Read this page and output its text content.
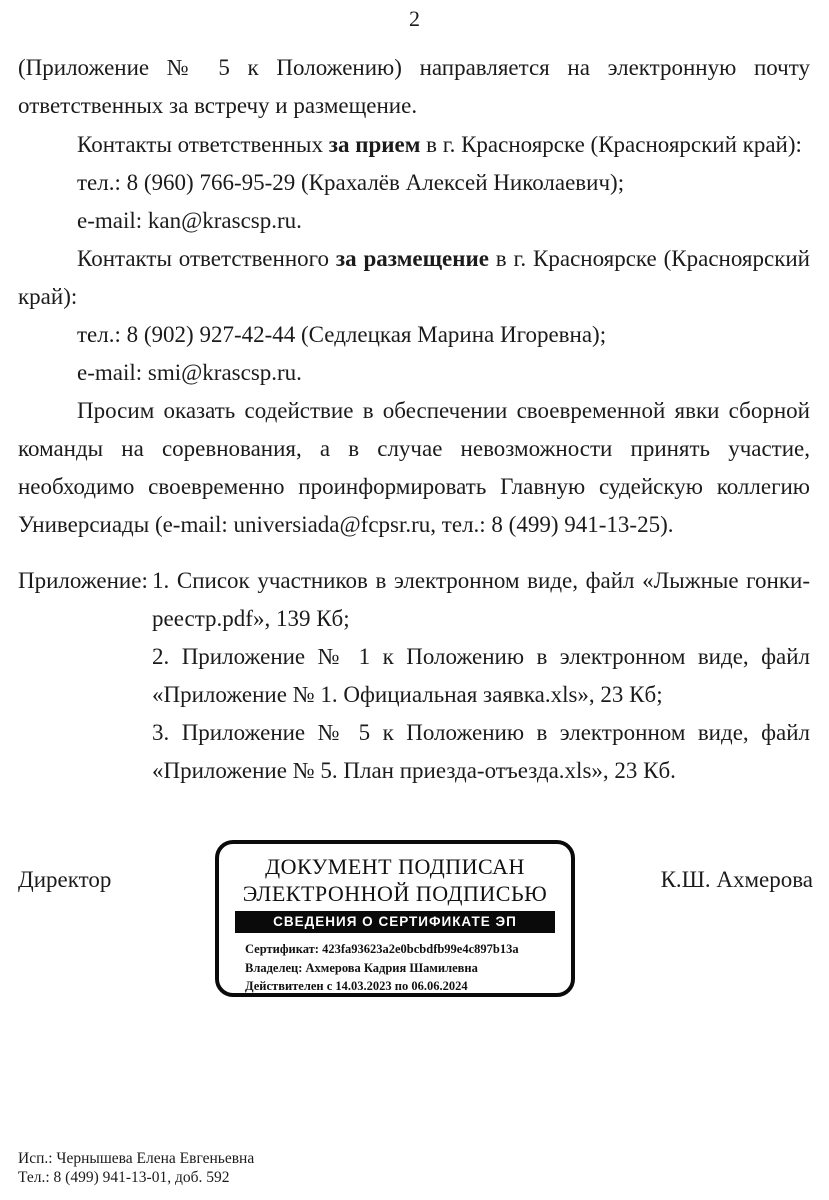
2
(Приложение № 5 к Положению) направляется на электронную почту ответственных за встречу и размещение.
Контакты ответственных за прием в г. Красноярске (Красноярский край):
тел.: 8 (960) 766-95-29 (Крахалёв Алексей Николаевич);
e-mail: kan@krascsp.ru.
Контакты ответственного за размещение в г. Красноярске (Красноярский край):
тел.: 8 (902) 927-42-44 (Седлецкая Марина Игоревна);
e-mail: smi@krascsp.ru.
Просим оказать содействие в обеспечении своевременной явки сборной команды на соревнования, а в случае невозможности принять участие, необходимо своевременно проинформировать Главную судейскую коллегию Универсиады (e-mail: universiada@fcpsr.ru, тел.: 8 (499) 941-13-25).
Приложение: 1. Список участников в электронном виде, файл «Лыжные гонки-реестр.pdf», 139 Кб;
2. Приложение № 1 к Положению в электронном виде, файл «Приложение № 1. Официальная заявка.xls», 23 Кб;
3. Приложение № 5 к Положению в электронном виде, файл «Приложение № 5. План приезда-отъезда.xls», 23 Кб.
Директор
ДОКУМЕНТ ПОДПИСАН
ЭЛЕКТРОННОЙ ПОДПИСЬЮ
СВЕДЕНИЯ О СЕРТИФИКАТЕ ЭП
Сертификат: 423fa93623a2e0bcbdfb99e4c897b13a
Владелец: Ахмерова Кадрия Шамилевна
Действителен с 14.03.2023 по 06.06.2024
К.Ш. Ахмерова
Исп.: Чернышева Елена Евгеньевна
Тел.: 8 (499) 941-13-01, доб. 592
